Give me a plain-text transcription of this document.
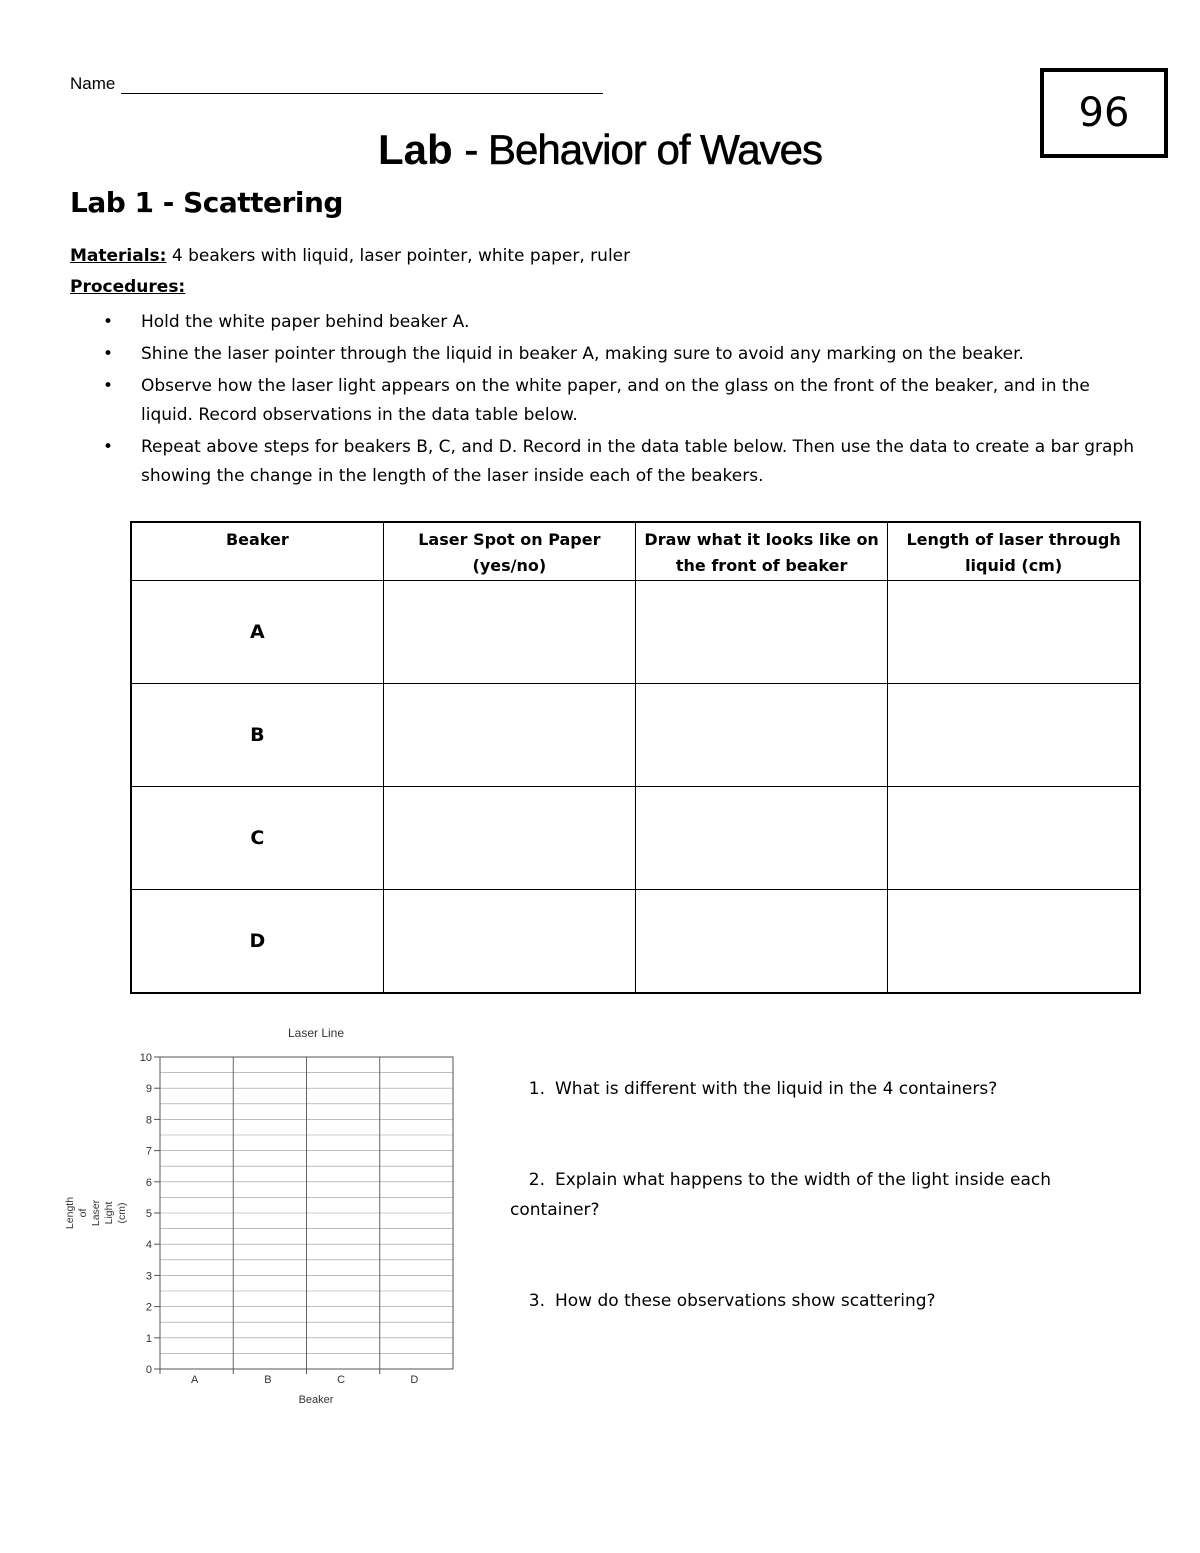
Name
96
Lab - Behavior of Waves
Lab 1 - Scattering
Materials: 4 beakers with liquid, laser pointer, white paper, ruler
Procedures:
• Hold the white paper behind beaker A.
• Shine the laser pointer through the liquid in beaker A, making sure to avoid any marking on the beaker.
• Observe how the laser light appears on the white paper, and on the glass on the front of the beaker, and in the liquid. Record observations in the data table below.
• Repeat above steps for beakers B, C, and D. Record in the data table below. Then use the data to create a bar graph showing the change in the length of the laser inside each of the beakers.
Beaker	Laser Spot on Paper (yes/no)	Draw what it looks like on the front of beaker	Length of laser through liquid (cm)
A			
B			
C			
D			
0
1
2
3
4
5
6
7
8
9
10
A	B	C	D
Laser Line
Beaker
Length of Laser Light (cm)
1. What is different with the liquid in the 4 containers?
2. Explain what happens to the width of the light inside each container?
3. How do these observations show scattering?
